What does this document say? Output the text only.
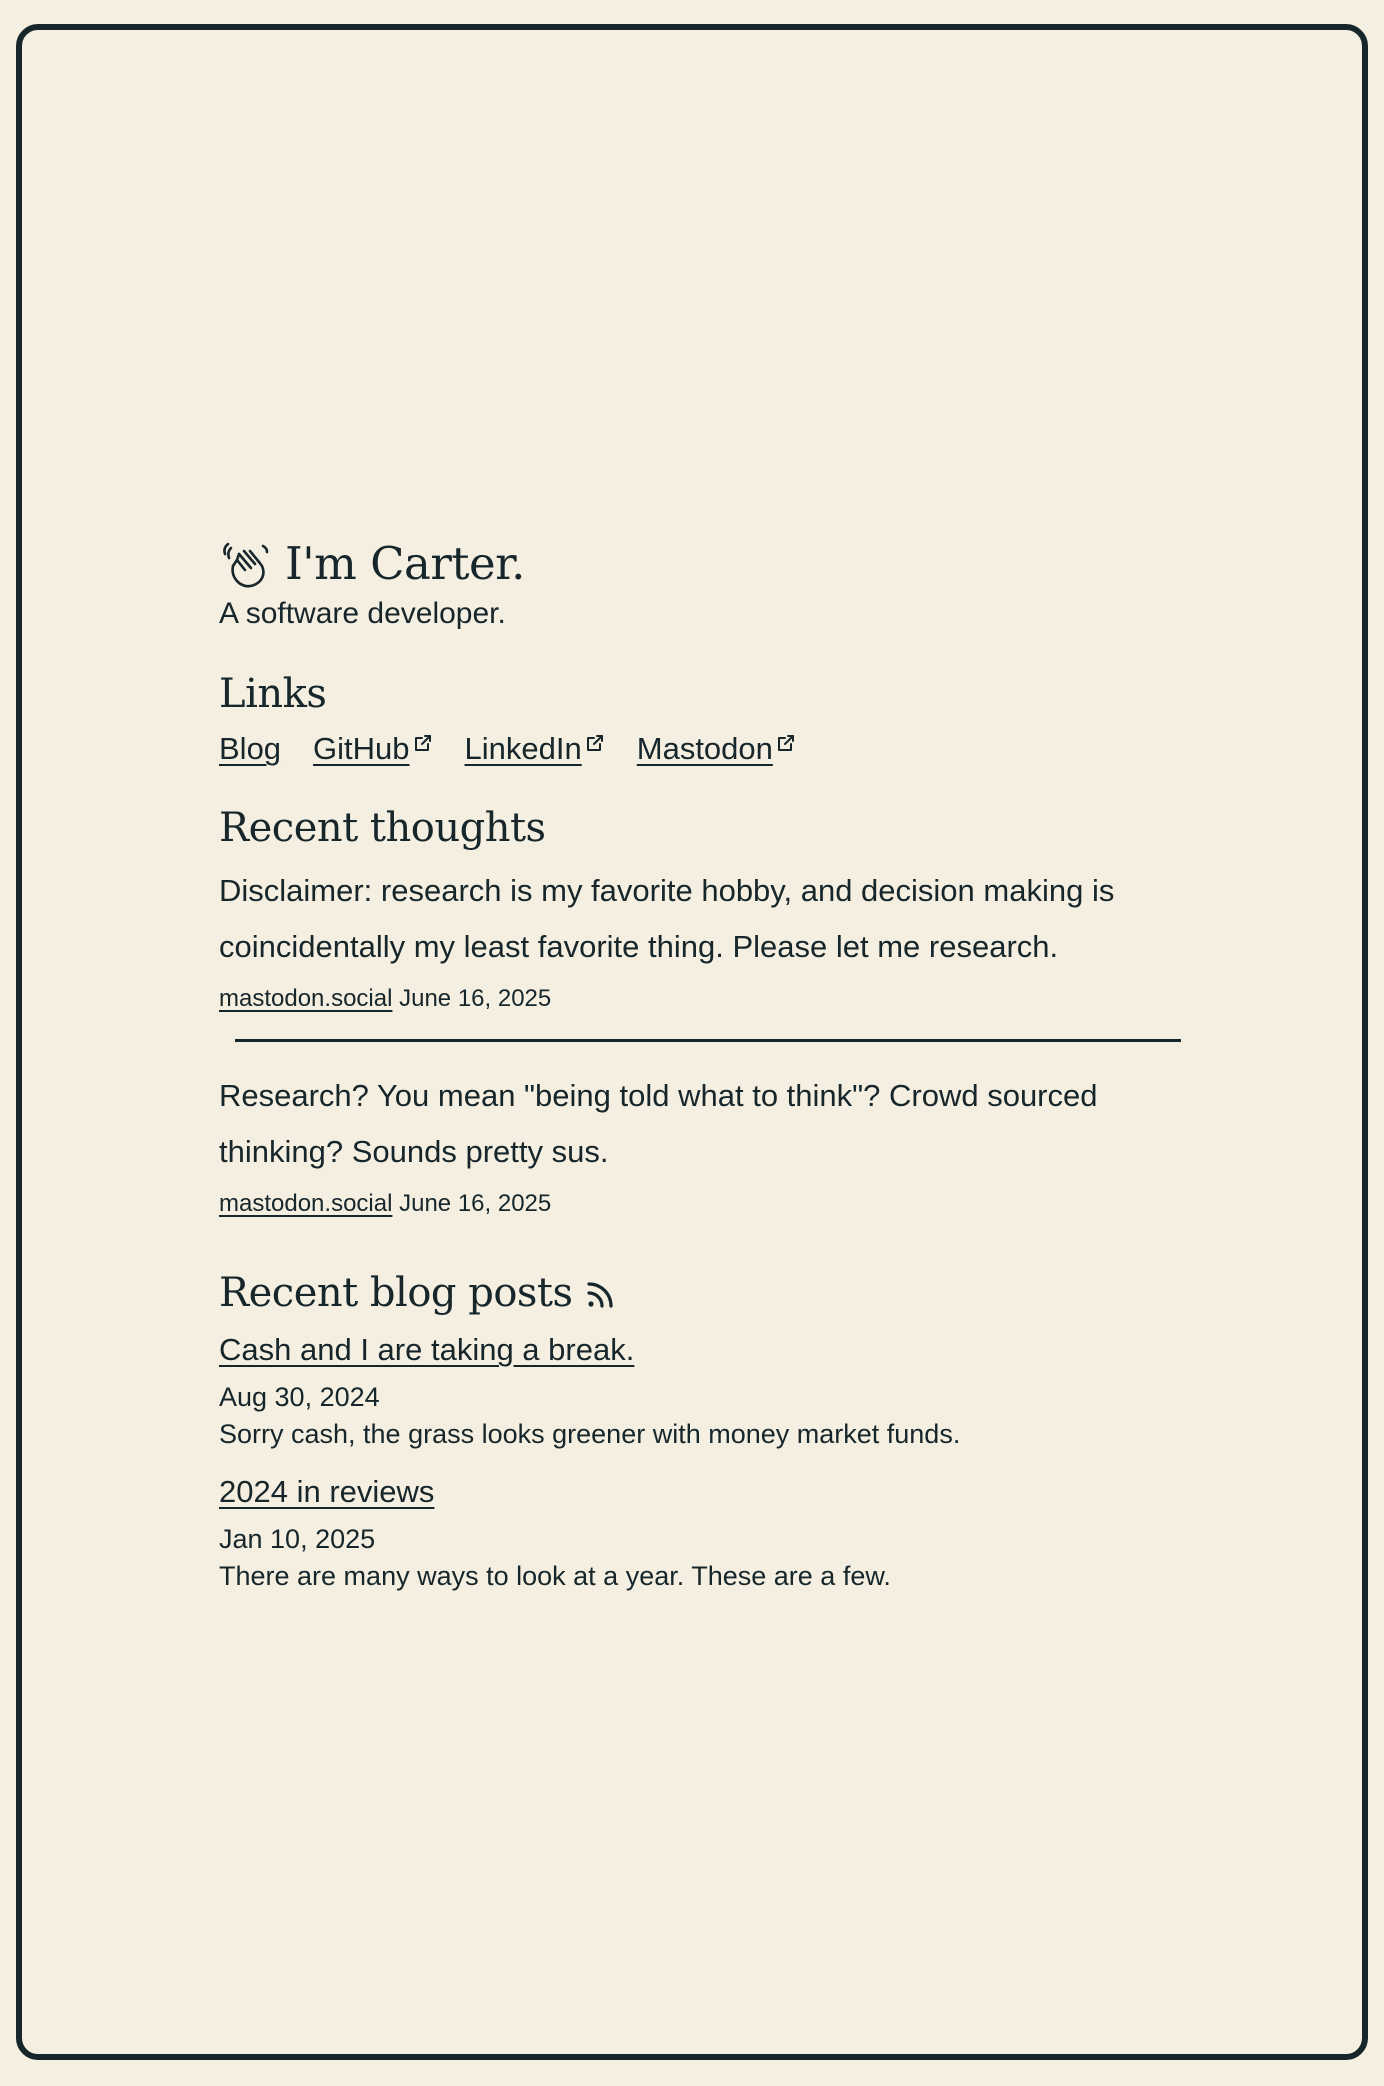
I'm Carter.

A software developer.

Links
Blog GitHub LinkedIn Mastodon
Recent thoughts

Disclaimer: research is my favorite hobby, and decision making is coincidentally my least favorite thing. Please let me research.

mastodon.social June 16, 2025

Research? You mean "being told what to think"? Crowd sourced thinking? Sounds pretty sus.

mastodon.social June 16, 2025
Recent blog posts
Cash and I are taking a break.
Aug 30, 2024
Sorry cash, the grass looks greener with money market funds.
2024 in reviews
Jan 10, 2025
There are many ways to look at a year. These are a few.
